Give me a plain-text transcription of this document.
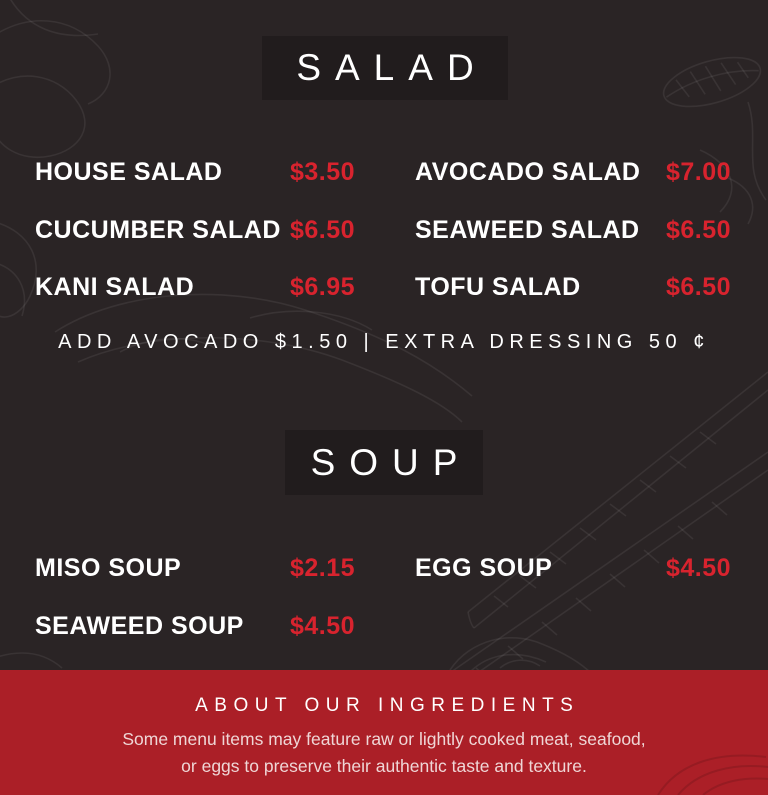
SALAD
HOUSE SALAD	$3.50	AVOCADO SALAD	$7.00
CUCUMBER SALAD $6.50	SEAWEED SALAD	$6.50
KANI SALAD	$6.95	TOFU SALAD	$6.50
ADD AVOCADO $1.50 | EXTRA DRESSING 50 ¢
SOUP
MISO SOUP	$2.15	EGG SOUP	$4.50
SEAWEED SOUP	$4.50
ABOUT OUR INGREDIENTS
Some menu items may feature raw or lightly cooked meat, seafood,
or eggs to preserve their authentic taste and texture.
